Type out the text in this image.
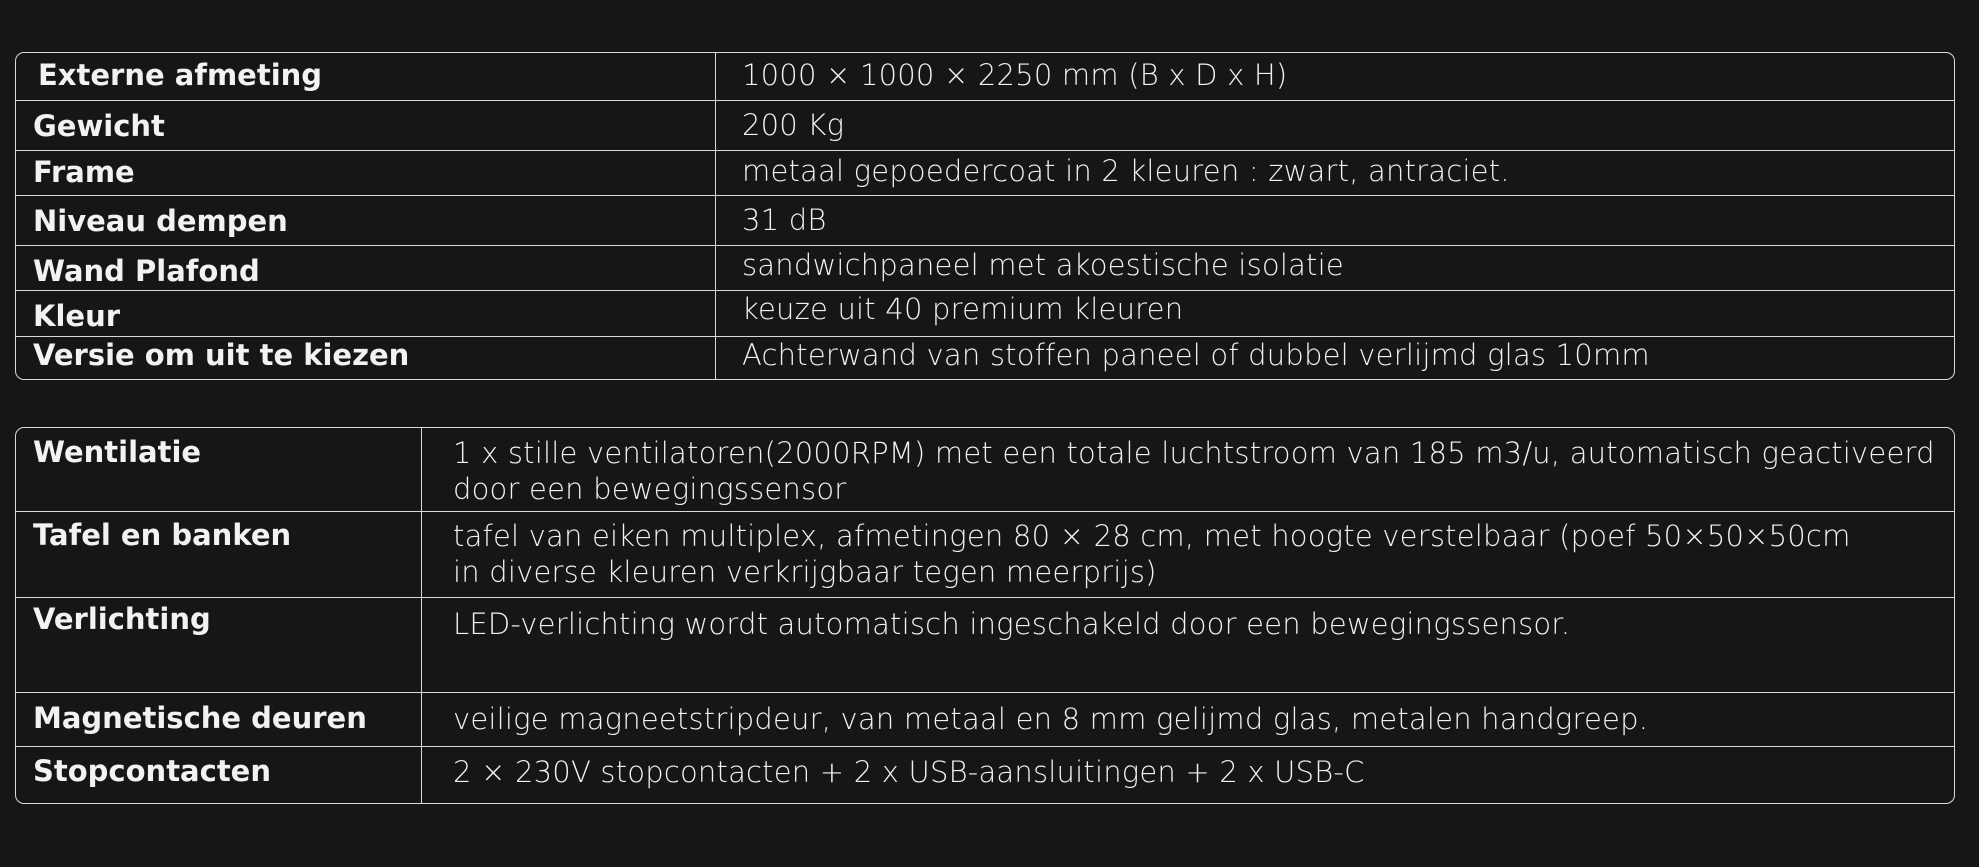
Externe afmeting	1000 × 1000 × 2250 mm (B x D x H)
Gewicht	200 Kg
Frame	metaal gepoedercoat in 2 kleuren : zwart, antraciet.
Niveau dempen	31 dB
Wand Plafond	sandwichpaneel met akoestische isolatie
Kleur	keuze uit 40 premium kleuren
Versie om uit te kiezen	Achterwand van stoffen paneel of dubbel verlijmd glas 10mm
Wentilatie	1 x stille ventilatoren(2000RPM) met een totale luchtstroom van 185 m3/u, automatisch geactiveerd
door een bewegingssensor
Tafel en banken	tafel van eiken multiplex, afmetingen 80 × 28 cm, met hoogte verstelbaar (poef 50×50×50cm
in diverse kleuren verkrijgbaar tegen meerprijs)
Verlichting	LED-verlichting wordt automatisch ingeschakeld door een bewegingssensor.
Magnetische deuren	veilige magneetstripdeur, van metaal en 8 mm gelijmd glas, metalen handgreep.
Stopcontacten	2 × 230V stopcontacten + 2 x USB-aansluitingen + 2 x USB-C
